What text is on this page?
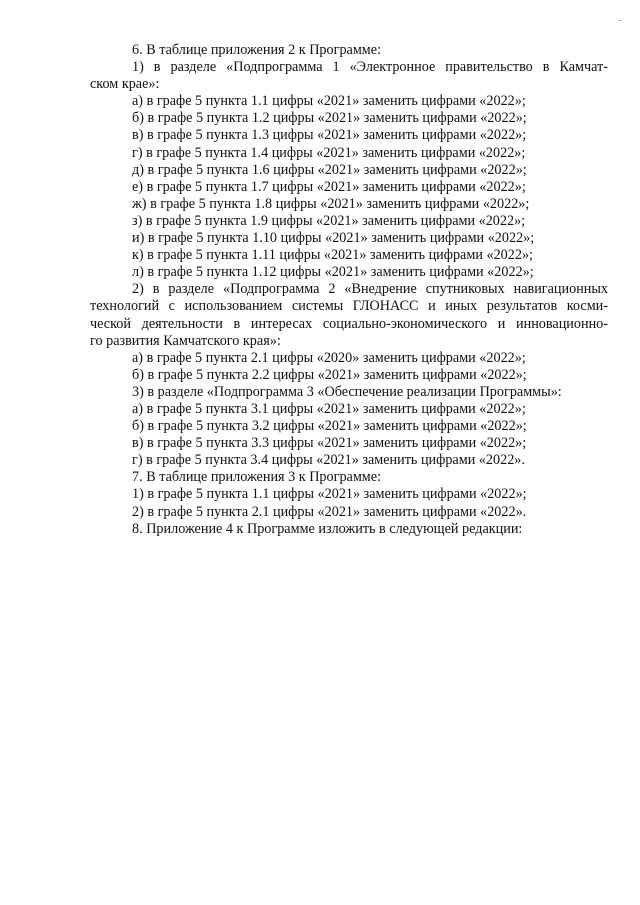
6. В таблице приложения 2 к Программе:
1) в разделе «Подпрограмма 1 «Электронное правительство в Камчат-
ском крае»:
а) в графе 5 пункта 1.1 цифры «2021» заменить цифрами «2022»;
б) в графе 5 пункта 1.2 цифры «2021» заменить цифрами «2022»;
в) в графе 5 пункта 1.3 цифры «2021» заменить цифрами «2022»;
г) в графе 5 пункта 1.4 цифры «2021» заменить цифрами «2022»;
д) в графе 5 пункта 1.6 цифры «2021» заменить цифрами «2022»;
е) в графе 5 пункта 1.7 цифры «2021» заменить цифрами «2022»;
ж) в графе 5 пункта 1.8 цифры «2021» заменить цифрами «2022»;
з) в графе 5 пункта 1.9 цифры «2021» заменить цифрами «2022»;
и) в графе 5 пункта 1.10 цифры «2021» заменить цифрами «2022»;
к) в графе 5 пункта 1.11 цифры «2021» заменить цифрами «2022»;
л) в графе 5 пункта 1.12 цифры «2021» заменить цифрами «2022»;
2) в разделе «Подпрограмма 2 «Внедрение спутниковых навигационных
технологий с использованием системы ГЛОНАСС и иных результатов косми-
ческой деятельности в интересах социально-экономического и инновационно-
го развития Камчатского края»:
а) в графе 5 пункта 2.1 цифры «2020» заменить цифрами «2022»;
б) в графе 5 пункта 2.2 цифры «2021» заменить цифрами «2022»;
3) в разделе «Подпрограмма 3 «Обеспечение реализации Программы»:
а) в графе 5 пункта 3.1 цифры «2021» заменить цифрами «2022»;
б) в графе 5 пункта 3.2 цифры «2021» заменить цифрами «2022»;
в) в графе 5 пункта 3.3 цифры «2021» заменить цифрами «2022»;
г) в графе 5 пункта 3.4 цифры «2021» заменить цифрами «2022».
7. В таблице приложения 3 к Программе:
1) в графе 5 пункта 1.1 цифры «2021» заменить цифрами «2022»;
2) в графе 5 пункта 2.1 цифры «2021» заменить цифрами «2022».
8. Приложение 4 к Программе изложить в следующей редакции:
